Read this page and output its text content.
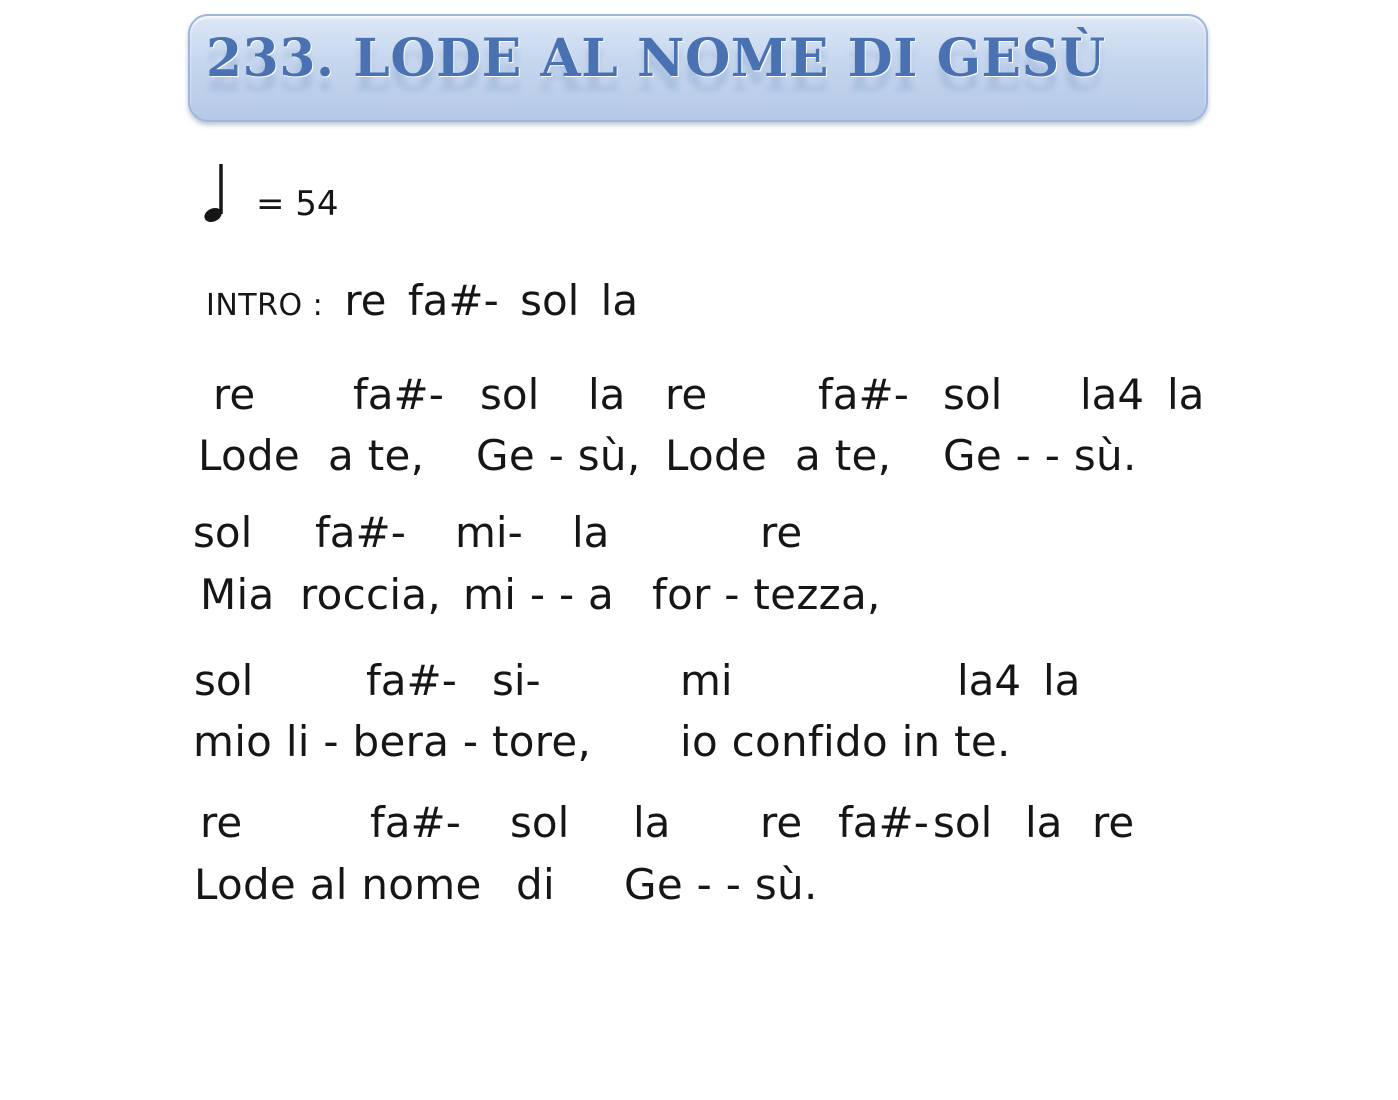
233. LODE AL NOME DI GESÙ
= 54
INTRO : re fa#- sol la
re fa#- sol la re	fa#- sol la4 la
Lode a te, Ge - sù, Lode a te, Ge - - sù.
sol fa#- mi- la	re
Mia roccia, mi - - a for - tezza,
sol	fa#- si-	mi	la4 la
mio li - bera - tore, io confido in te.
re	fa#- sol la re fa#- sol la re
Lode al nome di Ge - - sù.
